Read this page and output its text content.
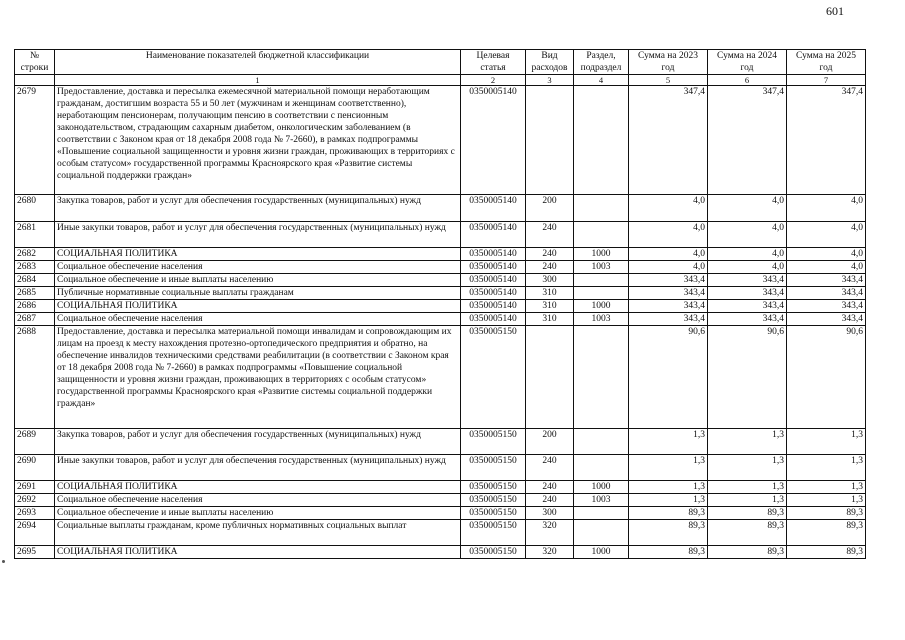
601
№ строки	Наименование показателей бюджетной классификации	Целевая статья	Вид расходов	Раздел, подраздел	Сумма на 2023 год	Сумма на 2024 год	Сумма на 2025 год
	1	2	3	4	5	6	7
2679	Предоставление, доставка и пересылка ежемесячной материальной помощи неработающим гражданам, достигшим возраста 55 и 50 лет (мужчинам и женщинам соответственно), неработающим пенсионерам, получающим пенсию в соответствии с пенсионным законодательством, страдающим сахарным диабетом, онкологическим заболеванием (в соответствии с Законом края от 18 декабря 2008 года № 7-2660), в рамках подпрограммы «Повышение социальной защищенности и уровня жизни граждан, проживающих в территориях с особым статусом» государственной программы Красноярского края «Развитие системы социальной поддержки граждан»	0350005140			347,4	347,4	347,4
2680	Закупка товаров, работ и услуг для обеспечения государственных (муниципальных) нужд	0350005140	200		4,0	4,0	4,0
2681	Иные закупки товаров, работ и услуг для обеспечения государственных (муниципальных) нужд	0350005140	240		4,0	4,0	4,0
2682	СОЦИАЛЬНАЯ ПОЛИТИКА	0350005140	240	1000	4,0	4,0	4,0
2683	Социальное обеспечение населения	0350005140	240	1003	4,0	4,0	4,0
2684	Социальное обеспечение и иные выплаты населению	0350005140	300		343,4	343,4	343,4
2685	Публичные нормативные социальные выплаты гражданам	0350005140	310		343,4	343,4	343,4
2686	СОЦИАЛЬНАЯ ПОЛИТИКА	0350005140	310	1000	343,4	343,4	343,4
2687	Социальное обеспечение населения	0350005140	310	1003	343,4	343,4	343,4
2688	Предоставление, доставка и пересылка материальной помощи инвалидам и сопровождающим их лицам на проезд к месту нахождения протезно-ортопедического предприятия и обратно, на обеспечение инвалидов техническими средствами реабилитации (в соответствии с Законом края от 18 декабря 2008 года № 7-2660) в рамках подпрограммы «Повышение социальной защищенности и уровня жизни граждан, проживающих в территориях с особым статусом» государственной программы Красноярского края «Развитие системы социальной поддержки граждан»	0350005150			90,6	90,6	90,6
2689	Закупка товаров, работ и услуг для обеспечения государственных (муниципальных) нужд	0350005150	200		1,3	1,3	1,3
2690	Иные закупки товаров, работ и услуг для обеспечения государственных (муниципальных) нужд	0350005150	240		1,3	1,3	1,3
2691	СОЦИАЛЬНАЯ ПОЛИТИКА	0350005150	240	1000	1,3	1,3	1,3
2692	Социальное обеспечение населения	0350005150	240	1003	1,3	1,3	1,3
2693	Социальное обеспечение и иные выплаты населению	0350005150	300		89,3	89,3	89,3
2694	Социальные выплаты гражданам, кроме публичных нормативных социальных выплат	0350005150	320		89,3	89,3	89,3
2695	СОЦИАЛЬНАЯ ПОЛИТИКА	0350005150	320	1000	89,3	89,3	89,3
